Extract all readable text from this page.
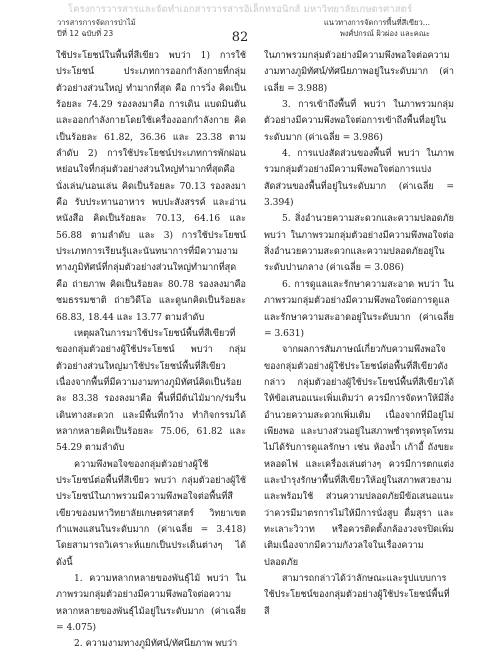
โครงการวารสารและจัดทำเอกสารวารสารอิเล็กทรอนิกส์ มหาวิทยาลัยเกษตรศาสตร์
วารสารการจัดการป่าไม้
ปีที่ 12 ฉบับที่ 23
แนวทางการจัดการพื้นที่สีเขียว...
พงศ์ปกรณ์ ผิวผ่อง และคณะ
82

ใช้ประโยชน์ในพื้นที่สีเขียว พบว่า 1) การใช้ประโยชน์ ประเภทการออกกำลังกายที่กลุ่มตัวอย่างส่วนใหญ่ ทำมากที่สุด คือ การวิ่ง คิดเป็นร้อยละ 74.29 รองลงมาคือ การเดิน แบดมินตัน และออกกำลังกายโดยใช้เครื่องออกกำลังกาย คิดเป็นร้อยละ 61.82, 36.36 และ 23.38 ตามลำดับ 2) การใช้ประโยชน์ประเภทการพักผ่อนหย่อนใจที่กลุ่มตัวอย่างส่วนใหญ่ทำมากที่สุดคือ นั่งเล่น/นอนเล่น คิดเป็นร้อยละ 70.13 รองลงมาคือ รับประทานอาหาร พบปะสังสรรค์ และอ่านหนังสือ คิดเป็นร้อยละ 70.13, 64.16 และ 56.88 ตามลำดับ และ 3) การใช้ประโยชน์ประเภทการเรียนรู้และนันทนาการที่มีความงามทางภูมิทัศน์ที่กลุ่มตัวอย่างส่วนใหญ่ทำมากที่สุด คือ ถ่ายภาพ คิดเป็นร้อยละ 80.78 รองลงมาคือ ชมธรรมชาติ ถ่ายวิดีโอ และดูนกคิดเป็นร้อยละ 68.83, 18.44 และ 13.77 ตามลำดับ

เหตุผลในการมาใช้ประโยชน์พื้นที่สีเขียวที่ของกลุ่มตัวอย่างผู้ใช้ประโยชน์ พบว่า กลุ่มตัวอย่างส่วนใหญ่มาใช้ประโยชน์พื้นที่สีเขียวเนื่องจากพื้นที่มีความงามทางภูมิทัศน์คิดเป็นร้อยละ 83.38 รองลงมาคือ พื้นที่มีต้นไม้มาก/ร่มรื่น เดินทางสะดวก และมีพื้นที่กว้าง ทำกิจกรรมได้หลากหลายคิดเป็นร้อยละ 75.06, 61.82 และ 54.29 ตามลำดับ

ความพึงพอใจของกลุ่มตัวอย่างผู้ใช้ประโยชน์ต่อพื้นที่สีเขียว พบว่า กลุ่มตัวอย่างผู้ใช้ประโยชน์ในภาพรวมมีความพึงพอใจต่อพื้นที่สีเขียวของมหาวิทยาลัยเกษตรศาสตร์ วิทยาเขตกำแพงแสนในระดับมาก (ค่าเฉลี่ย = 3.418) โดยสามารถวิเคราะห์แยกเป็นประเด็นต่างๆ ได้ดังนี้

1. ความหลากหลายของพันธุ์ไม้ พบว่า ในภาพรวมกลุ่มตัวอย่างมีความพึงพอใจต่อความหลากหลายของพันธุ์ไม้อยู่ในระดับมาก (ค่าเฉลี่ย = 4.075)

2. ความงามทางภูมิทัศน์/ทัศนียภาพ พบว่า

ในภาพรวมกลุ่มตัวอย่างมีความพึงพอใจต่อความงามทางภูมิทัศน์/ทัศนียภาพอยู่ในระดับมาก (ค่าเฉลี่ย = 3.988)

3. การเข้าถึงพื้นที่ พบว่า ในภาพรวมกลุ่มตัวอย่างมีความพึงพอใจต่อการเข้าถึงพื้นที่อยู่ในระดับมาก (ค่าเฉลี่ย = 3.986)

4. การแบ่งสัดส่วนของพื้นที่ พบว่า ในภาพรวมกลุ่มตัวอย่างมีความพึงพอใจต่อการแบ่งสัดส่วนของพื้นที่อยู่ในระดับมาก (ค่าเฉลี่ย = 3.394)

5. สิ่งอำนวยความสะดวกและความปลอดภัย พบว่า ในภาพรวมกลุ่มตัวอย่างมีความพึงพอใจต่อสิ่งอำนวยความสะดวกและความปลอดภัยอยู่ในระดับปานกลาง (ค่าเฉลี่ย = 3.086)

6. การดูแลและรักษาความสะอาด พบว่า ในภาพรวมกลุ่มตัวอย่างมีความพึงพอใจต่อการดูแลและรักษาความสะอาดอยู่ในระดับมาก (ค่าเฉลี่ย = 3.631)

จากผลการสัมภาษณ์เกี่ยวกับความพึงพอใจของกลุ่มตัวอย่างผู้ใช้ประโยชน์ต่อพื้นที่สีเขียวดังกล่าว กลุ่มตัวอย่างผู้ใช้ประโยชน์พื้นที่สีเขียวได้ให้ข้อเสนอแนะเพิ่มเติมว่า ควรมีการจัดหาให้มีสิ่งอำนวยความสะดวกเพิ่มเติม เนื่องจากที่มีอยู่ไม่เพียงพอ และบางส่วนอยู่ในสภาพชำรุดทรุดโทรมไม่ได้รับการดูแลรักษา เช่น ห้องน้ำ เก้าอี้ ถังขยะ หลอดไฟ และเครื่องเล่นต่างๆ ควรมีการตกแต่งและบำรุงรักษาพื้นที่สีเขียวให้อยู่ในสภาพสวยงามและพร้อมใช้ ส่วนความปลอดภัยมีข้อเสนอแนะว่าควรมีมาตรการไม่ให้มีการนั่งสูบ ดื่มสุรา และทะเลาะวิวาท หรือควรติดตั้งกล้องวงจรปิดเพิ่มเติมเนื่องจากมีความกังวลใจในเรื่องความปลอดภัย

สามารถกล่าวได้ว่าลักษณะและรูปแบบการใช้ประโยชน์ของกลุ่มตัวอย่างผู้ใช้ประโยชน์พื้นที่สี
